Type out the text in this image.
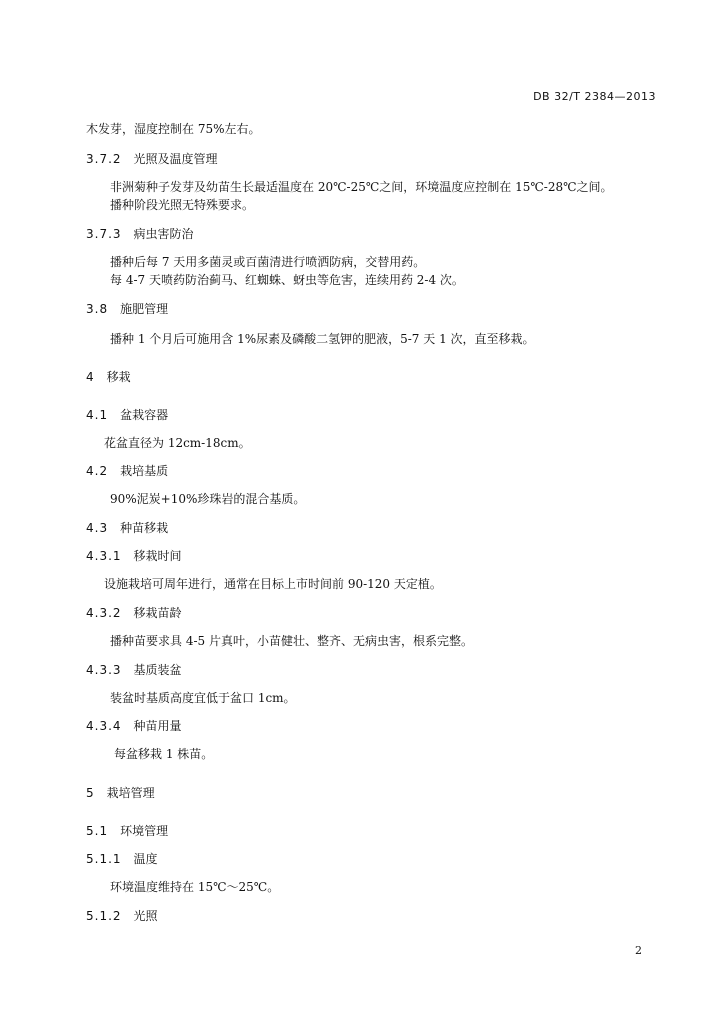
DB 32/T 2384—2013
木发芽，湿度控制在 75%左右。
3.7.2 光照及温度管理
非洲菊种子发芽及幼苗生长最适温度在 20℃-25℃之间，环境温度应控制在 15℃-28℃之间。
播种阶段光照无特殊要求。
3.7.3 病虫害防治
播种后每 7 天用多菌灵或百菌清进行喷洒防病，交替用药。
每 4-7 天喷药防治蓟马、红蜘蛛、蚜虫等危害，连续用药 2-4 次。
3.8 施肥管理
播种 1 个月后可施用含 1%尿素及磷酸二氢钾的肥液，5-7 天 1 次，直至移栽。
4 移栽
4.1 盆栽容器
花盆直径为 12cm-18cm。
4.2 栽培基质
90%泥炭+10%珍珠岩的混合基质。
4.3 种苗移栽
4.3.1 移栽时间
设施栽培可周年进行，通常在目标上市时间前 90-120 天定植。
4.3.2 移栽苗龄
播种苗要求具 4-5 片真叶，小苗健壮、整齐、无病虫害，根系完整。
4.3.3 基质装盆
装盆时基质高度宜低于盆口 1cm。
4.3.4 种苗用量
每盆移栽 1 株苗。
5 栽培管理
5.1 环境管理
5.1.1 温度
环境温度维持在 15℃～25℃。
5.1.2 光照
2
